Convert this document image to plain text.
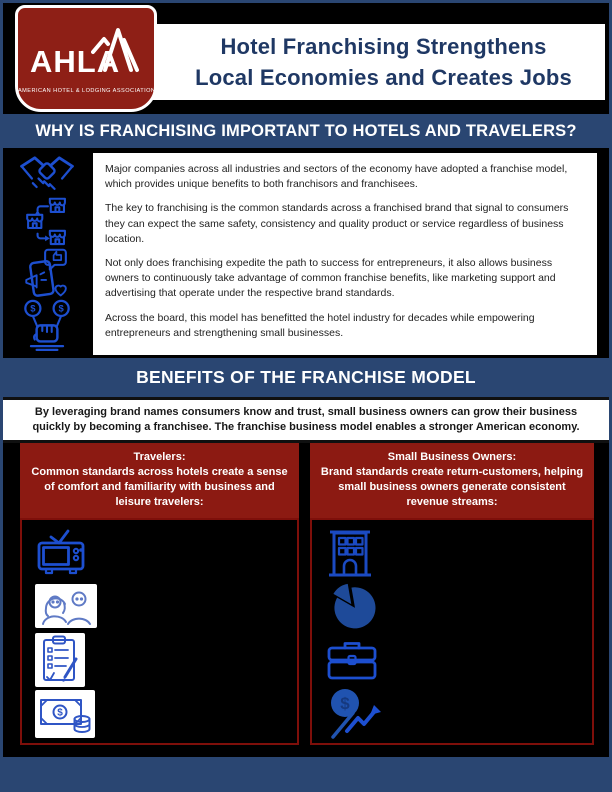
Hotel Franchising Strengthens
Local Economies and Creates Jobs
AHLA
AMERICAN HOTEL & LODGING ASSOCIATION
WHY IS FRANCHISING IMPORTANT TO HOTELS AND TRAVELERS?
$ $

Major companies across all industries and sectors of the economy have adopted a franchise model, which provides unique benefits to both franchisors and franchisees.

The key to franchising is the common standards across a franchised brand that signal to consumers they can expect the same safety, consistency and quality product or service regardless of business location.

Not only does franchising expedite the path to success for entrepreneurs, it also allows business owners to continuously take advantage of common franchise benefits, like marketing support and advertising that operate under the respective brand standards.

Across the board, this model has benefitted the hotel industry for decades while empowering entrepreneurs and strengthening small businesses.

BENEFITS OF THE FRANCHISE MODEL

By leveraging brand names consumers know and trust, small business owners can grow their business quickly by becoming a franchisee. The franchise business model enables a stronger American economy.

Travelers:
Common standards across hotels create a sense of comfort and familiarity with business and leisure travelers:
$
Small Business Owners:
Brand standards create return-customers, helping small business owners generate consistent revenue streams:
$
